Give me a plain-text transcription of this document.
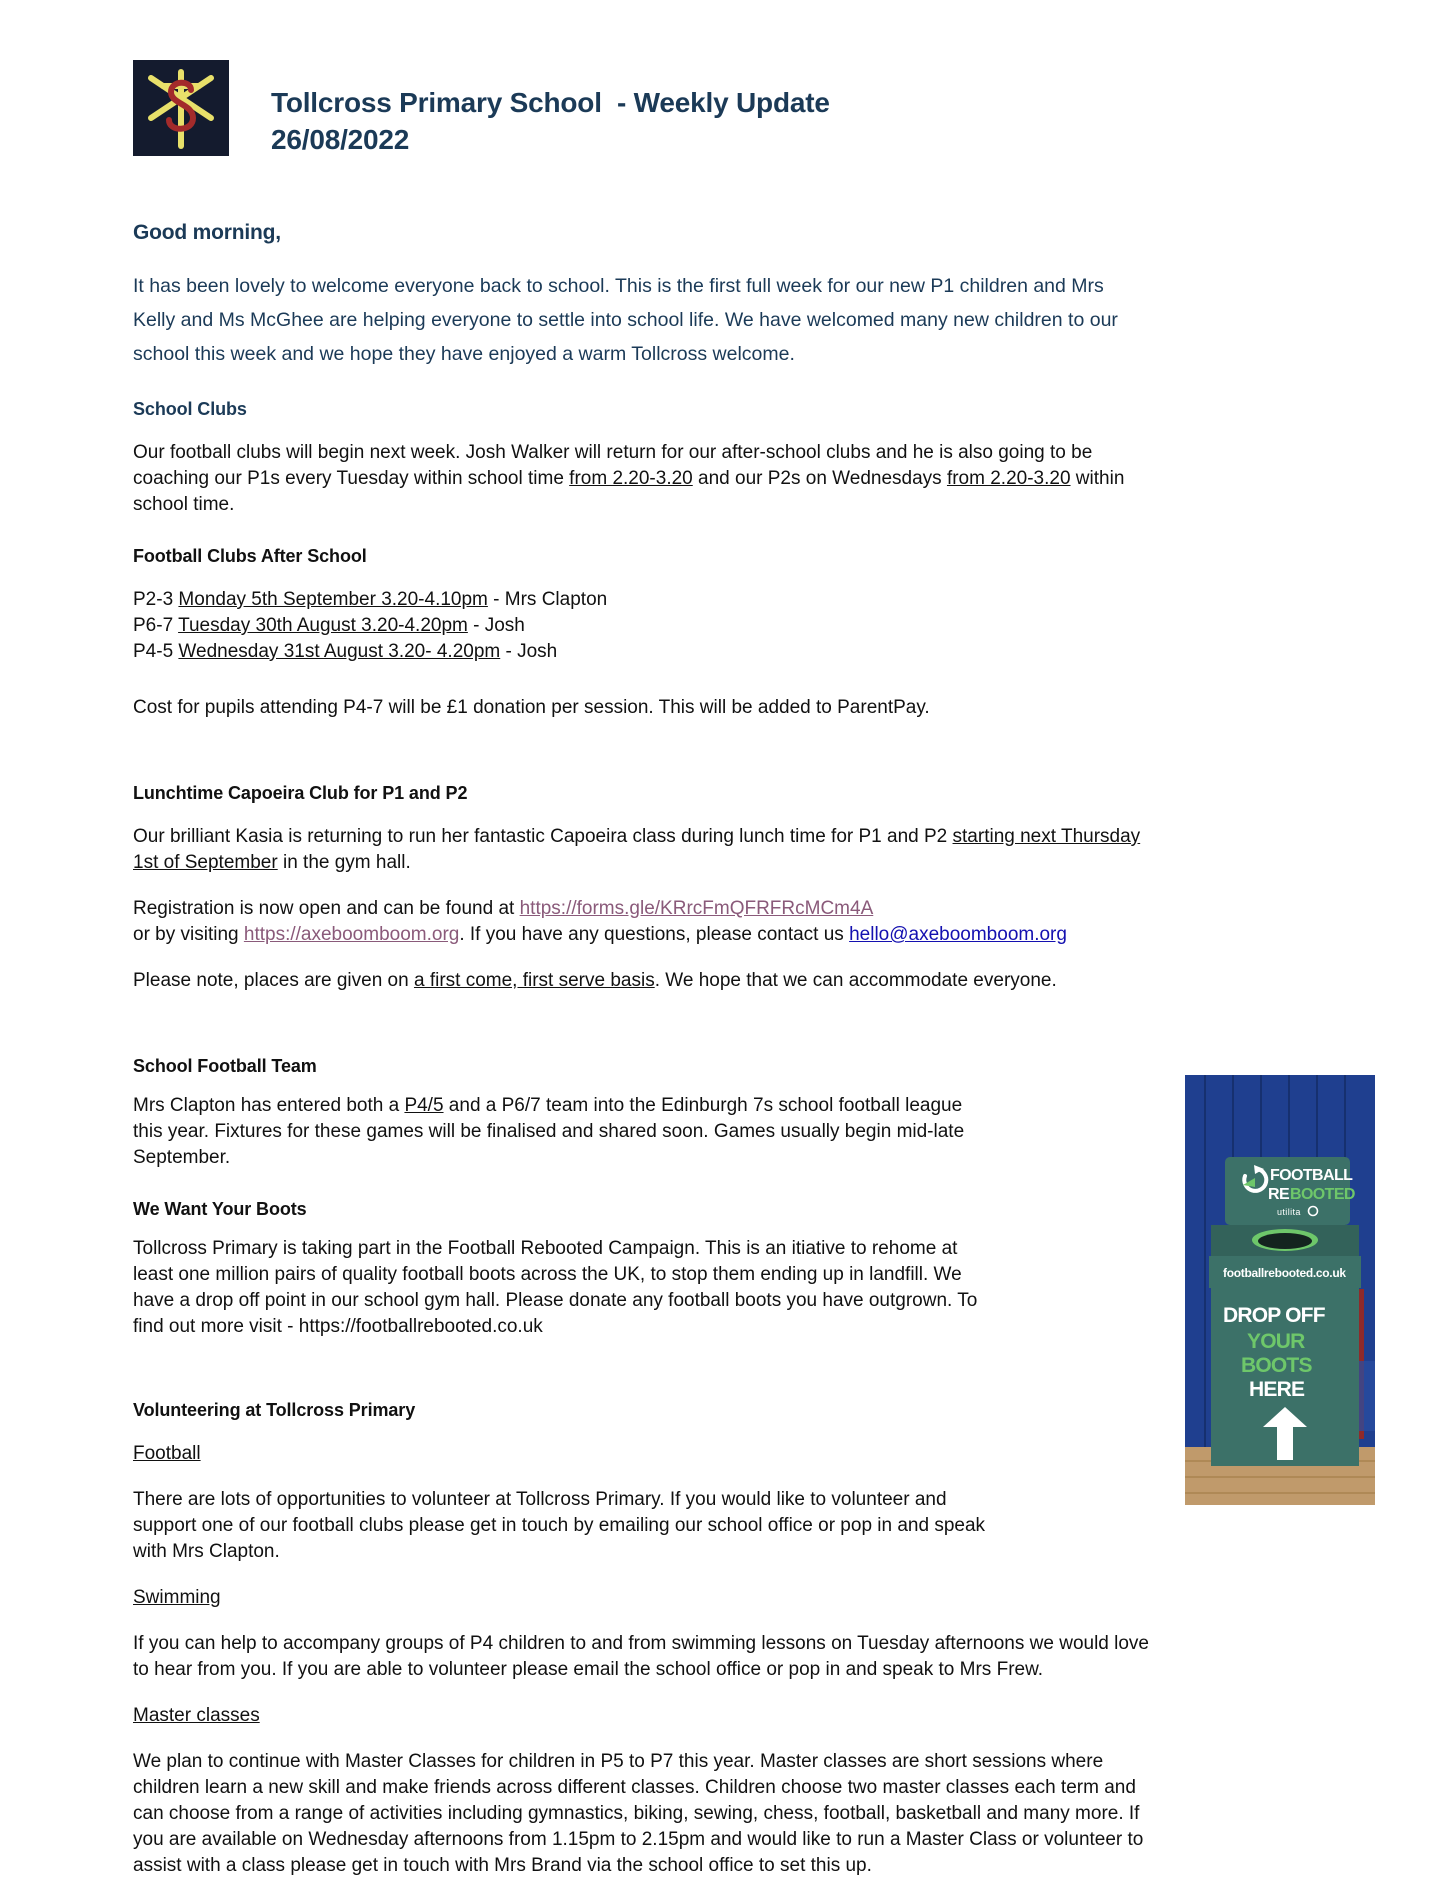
Tollcross Primary School  - Weekly Update
26/08/2022
Good morning,

It has been lovely to welcome everyone back to school. This is the first full week for our new P1 children and Mrs Kelly and Ms McGhee are helping everyone to settle into school life. We have welcomed many new children to our school this week and we hope they have enjoyed a warm Tollcross welcome.

School Clubs

Our football clubs will begin next week. Josh Walker will return for our after-school clubs and he is also going to be coaching our P1s every Tuesday within school time from 2.20-3.20 and our P2s on Wednesdays from 2.20-3.20 within school time.

Football Clubs After School

P2-3 Monday 5th September 3.20-4.10pm - Mrs Clapton
P6-7 Tuesday 30th August 3.20-4.20pm - Josh
P4-5 Wednesday 31st August 3.20- 4.20pm - Josh

Cost for pupils attending P4-7 will be £1 donation per session. This will be added to ParentPay.

Lunchtime Capoeira Club for P1 and P2

Our brilliant Kasia is returning to run her fantastic Capoeira class during lunch time for P1 and P2 starting next Thursday 1st of September in the gym hall.

Registration is now open and can be found at https://forms.gle/KRrcFmQFRFRcMCm4A
or by visiting https://axeboomboom.org. If you have any questions, please contact us hello@axeboomboom.org

Please note, places are given on a first come, first serve basis. We hope that we can accommodate everyone.

School Football Team

Mrs Clapton has entered both a P4/5 and a P6/7 team into the Edinburgh 7s school football league this year. Fixtures for these games will be finalised and shared soon. Games usually begin mid-late September.

We Want Your Boots

Tollcross Primary is taking part in the Football Rebooted Campaign. This is an itiative to rehome at least one million pairs of quality football boots across the UK, to stop them ending up in landfill. We have a drop off point in our school gym hall. Please donate any football boots you have outgrown. To find out more visit - https://footballrebooted.co.uk

Volunteering at Tollcross Primary

Football

There are lots of opportunities to volunteer at Tollcross Primary. If you would like to volunteer and support one of our football clubs please get in touch by emailing our school office or pop in and speak with Mrs Clapton.

Swimming

If you can help to accompany groups of P4 children to and from swimming lessons on Tuesday afternoons we would love to hear from you. If you are able to volunteer please email the school office or pop in and speak to Mrs Frew.

Master classes

We plan to continue with Master Classes for children in P5 to P7 this year. Master classes are short sessions where children learn a new skill and make friends across different classes. Children choose two master classes each term and can choose from a range of activities including gymnastics, biking, sewing, chess, football, basketball and many more. If you are available on Wednesday afternoons from 1.15pm to 2.15pm and would like to run a Master Class or volunteer to assist with a class please get in touch with Mrs Brand via the school office to set this up.

FOOTBALL
RE BOOTED
utilita
footballrebooted.co.uk
DROP OFF
YOUR
BOOTS
HERE
